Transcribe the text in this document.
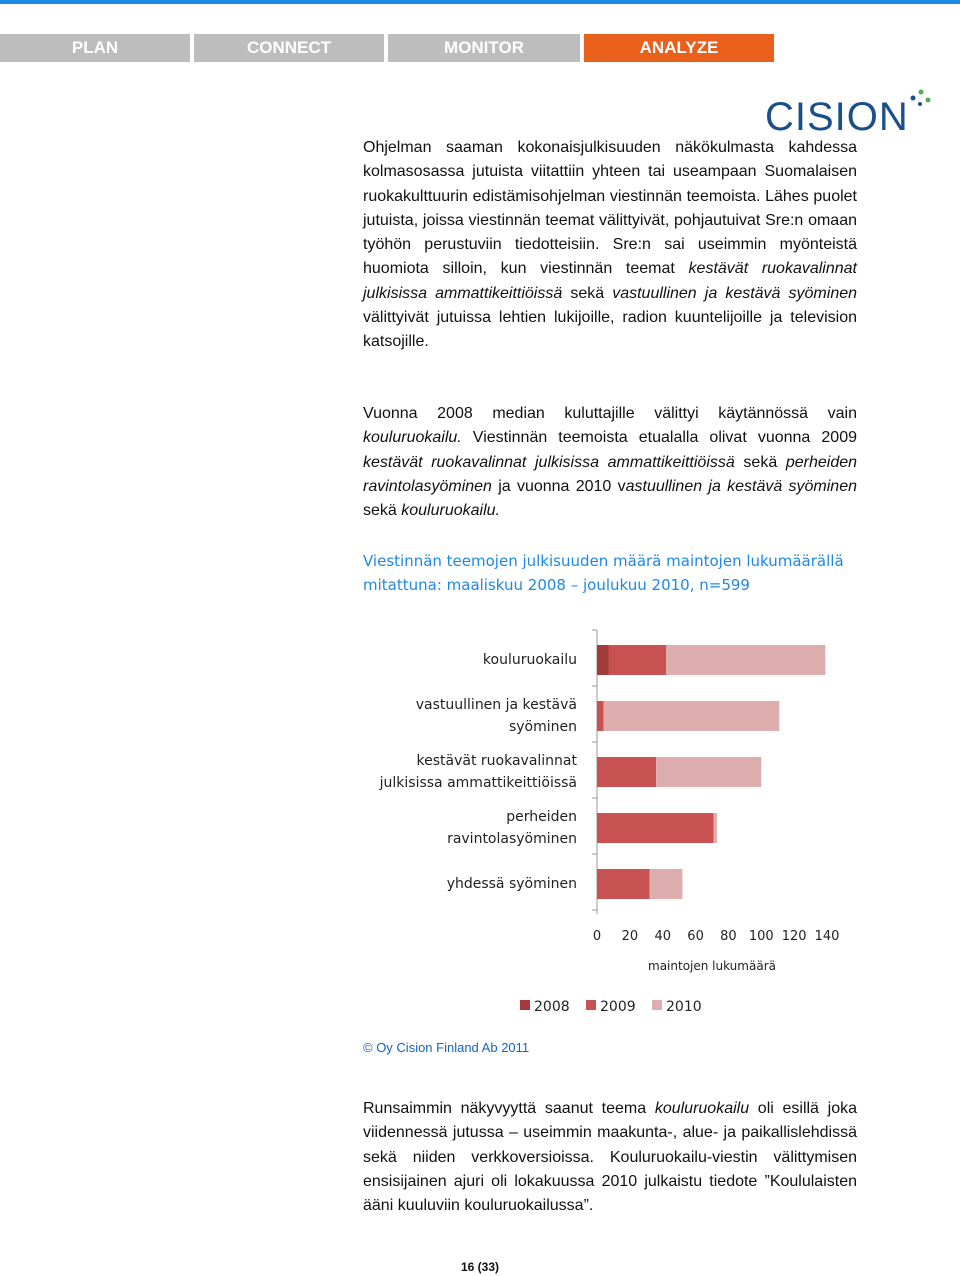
PLAN	CONNECT	MONITOR	ANALYZE
CISION
Ohjelman saaman kokonaisjulkisuuden näkökulmasta kahdessa kolmasosassa jutuista viitattiin yhteen tai useampaan Suomalaisen ruokakulttuurin edistämisohjelman viestinnän teemoista. Lähes puolet jutuista, joissa viestinnän teemat välittyivät, pohjautuivat Sre:n omaan työhön perustuviin tiedotteisiin. Sre:n sai useimmin myönteistä huomiota silloin, kun viestinnän teemat kestävät ruokavalinnat julkisissa ammattikeittiöissä sekä vastuullinen ja kestävä syöminen välittyivät jutuissa lehtien lukijoille, radion kuuntelijoille ja television katsojille.
Vuonna 2008 median kuluttajille välittyi käytännössä vain kouluruokailu. Viestinnän teemoista etualalla olivat vuonna 2009 kestävät ruokavalinnat julkisissa ammattikeittiöissä sekä perheiden ravintolasyöminen ja vuonna 2010 vastuullinen ja kestävä syöminen sekä kouluruokailu.
Viestinnän teemojen julkisuuden määrä maintojen lukumäärällä mitattuna: maaliskuu 2008 – joulukuu 2010, n=599
kouluruokailu
vastuullinen ja kestävä syöminen
kestävät ruokavalinnat julkisissa ammattikeittiöissä
perheiden ravintolasyöminen
yhdessä syöminen
0 20 40 60 80 100 120 140
maintojen lukumäärä
2008 2009 2010
© Oy Cision Finland Ab 2011
Runsaimmin näkyvyyttä saanut teema kouluruokailu oli esillä joka viidennessä jutussa – useimmin maakunta-, alue- ja paikallislehdissä sekä niiden verkkoversioissa. Kouluruokailu-viestin välittymisen ensisijainen ajuri oli lokakuussa 2010 julkaistu tiedote ”Koululaisten ääni kuuluviin kouluruokailussa”.
16 (33)
